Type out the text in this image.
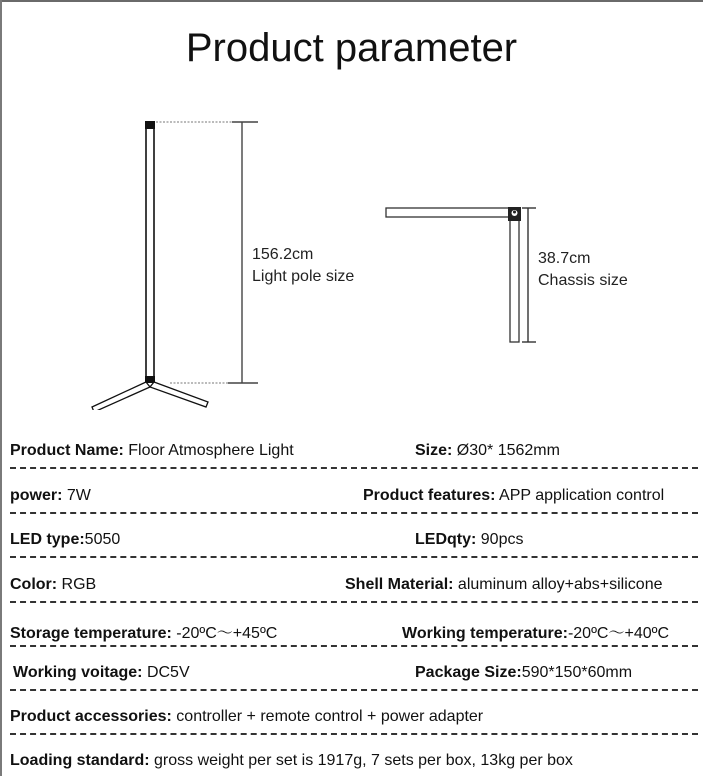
Product parameter
156.2cm
Light pole size
38.7cm
Chassis size
Product Name: Floor Atmosphere Light	Size: Ø30* 1562mm
power: 7W	Product features: APP application control
LED type:5050	LEDqty: 90pcs
Color: RGB	Shell Material: aluminum alloy+abs+silicone
Storage temperature: -20ºC～+45ºC	Working temperature:-20ºC～+40ºC
Working voitage: DC5V	Package Size:590*150*60mm
Product accessories: controller + remote control + power adapter
Loading standard: gross weight per set is 1917g, 7 sets per box, 13kg per box
